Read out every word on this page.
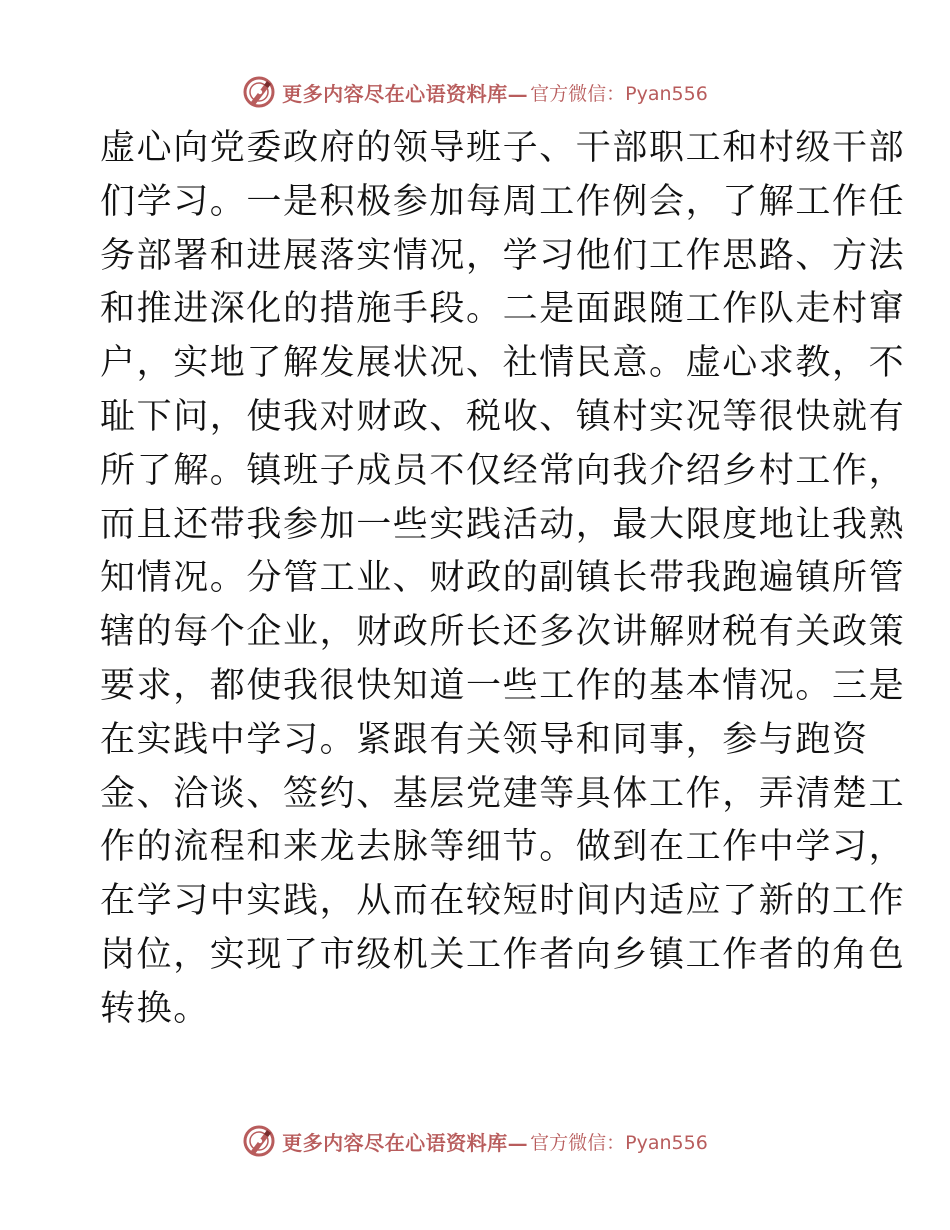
更多内容尽在心语资料库— 官方微信：Pyan556
虚心向党委政府的领导班子、干部职工和村级干部
们学习。一是积极参加每周工作例会，了解工作任
务部署和进展落实情况，学习他们工作思路、方法
和推进深化的措施手段。二是面跟随工作队走村窜
户，实地了解发展状况、社情民意。虚心求教，不
耻下问，使我对财政、税收、镇村实况等很快就有
所了解。镇班子成员不仅经常向我介绍乡村工作，
而且还带我参加一些实践活动，最大限度地让我熟
知情况。分管工业、财政的副镇长带我跑遍镇所管
辖的每个企业，财政所长还多次讲解财税有关政策
要求，都使我很快知道一些工作的基本情况。三是
在实践中学习。紧跟有关领导和同事，参与跑资
金、洽谈、签约、基层党建等具体工作，弄清楚工
作的流程和来龙去脉等细节。做到在工作中学习，
在学习中实践，从而在较短时间内适应了新的工作
岗位，实现了市级机关工作者向乡镇工作者的角色
转换。
更多内容尽在心语资料库— 官方微信：Pyan556
